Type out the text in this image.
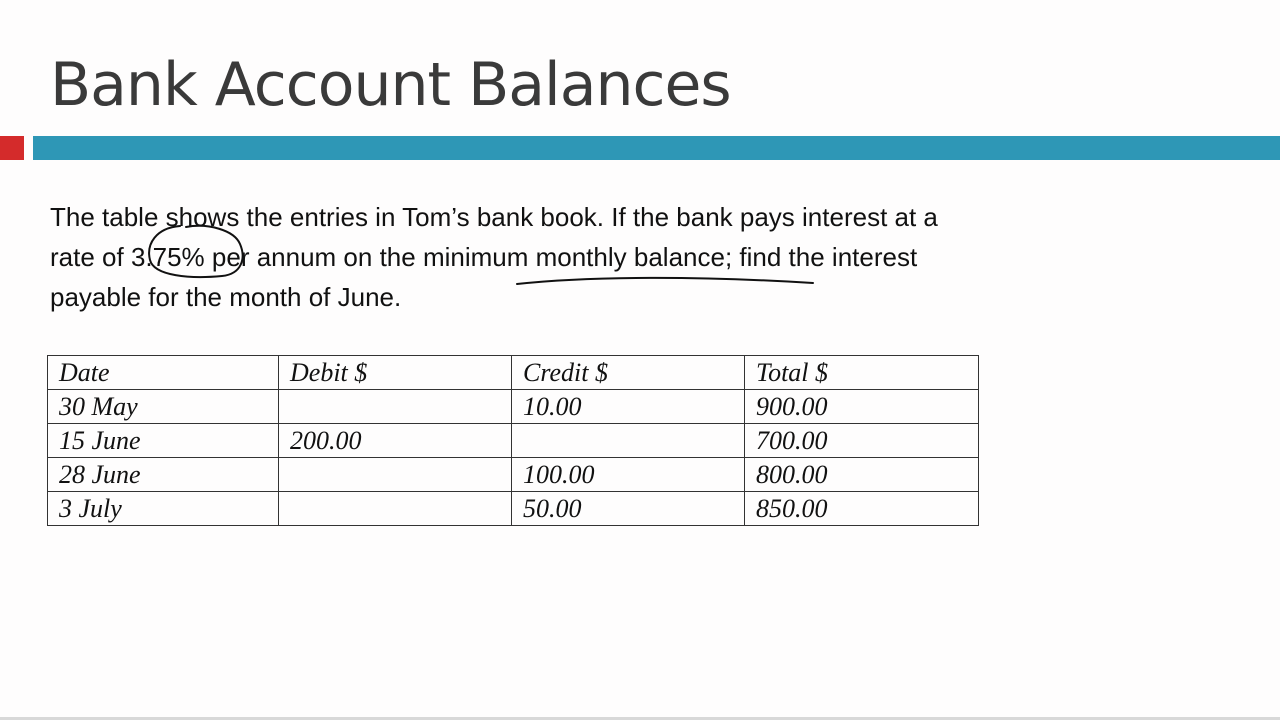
Bank Account Balances
The table shows the entries in Tom’s bank book. If the bank pays interest at a
rate of 3.75% per annum on the minimum monthly balance; find the interest
payable for the month of June.
Date	Debit $	Credit $	Total $
30 May		10.00	900.00
15 June	200.00		700.00
28 June		100.00	800.00
3 July		50.00	850.00
